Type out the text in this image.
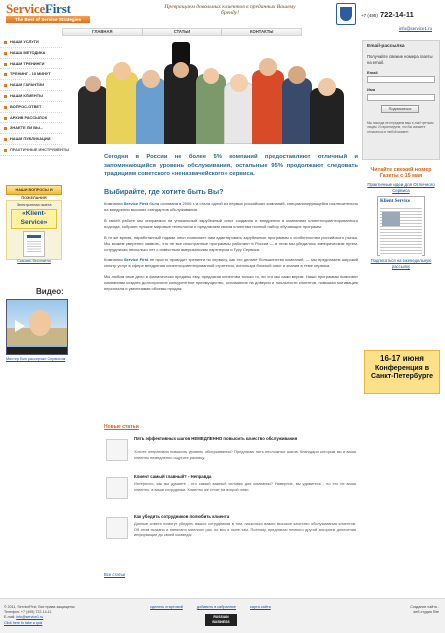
ServiceFirst
The Best of Service Strategies
Превращаем довольных клиентов в преданных Вашему бренду!	+7 (495) 722-14-11
info@service1.ru
ГЛАВНАЯ	СТАТЬИ	КОНТАКТЫ
НАШИ УСЛУГИ
НАША МЕТОДИКА
НАШИ ТРЕНИНГИ
ТРЕНИНГ - 10 МИНУТ
НАШИ ГАРАНТИИ
НАШИ КЛИЕНТЫ
ВОПРОС-ОТВЕТ
АРХИВ РАССЫЛОК
ЗНАЕТЕ ЛИ ВЫ...
НАШИ ПУБЛИКАЦИИ
ПРАКТИЧНЫЕ ИНСТРУМЕНТЫ
НАШИ ВОПРОСЫ И ПОЖЕЛАНИЯ
Электронная газета
«Klient-Service»
Скачать бесплатно
Видео:
Мистер Бин рассерчал Сервисом
Сегодня в России не более 5% компаний предоставляют отличный и запоминающийся уровень обслуживания, остальные 95% продолжают следовать традициям советского «неназвачейского» сервиса.
Выбирайте, где хотите быть Вы?
Компания Service First была основана в 2006 г. и стала одной из первых российских компаний, специализирующейся исключительно на внедрении высоких стандартов обслуживания.
В своей работе мы опираемся на уникальный зарубежный опыт создания и внедрения в компаниях клиентоориентированного подхода, собрали лучшие мировые технологии и предлагаем своим клиентам полный набор обучающих программ.
В то же время, наработанный годами опыт позволяет нам адаптировать зарубежные программы к особенностям российского рынка. Мы можем уверенно заявить, что не все иностранные программы работают в России — в этом мы убедились эмпирическим путем, сотрудничая несколько лет с известным американским партнером и Гуру Сервиса.
Компания Service First не просто проводит тренинги по сервису, как это делают большинство компаний, — мы предлагаем широкий спектр услуг в сфере внедрения клиентоориентированной стратегии, используя богатый опыт и знания в теме сервиса.
Мы любим свое дело и фанатически преданы ему, предлагая клиентам только то, во что мы сами верим. Наши программы помогают компаниям создать долгосрочное конкурентное преимущество, основанное на доверии и лояльности клиентов, повышая мотивацию персонала и увеличивая объемы продаж.
Новые статьи
Пять эффективных шагов НЕМЕДЛЕННО повысить качество обслуживания
Хотите оперативно повысить уровень обслуживания? Предлагаю пять несложных шагов, благодаря которым вы и ваши клиенты немедленно ощутите разницу.
Клиент самый главный? - Неправда
Интересно, как вы думаете - кто самый важный человек для компании? Наверное, вы удивитесь - но это не ваши клиенты, а ваши сотрудники. Клиенты же стоят на второй план.
Как убедить сотрудников полюбить клиента
Данные совета помогут убедить ваших сотрудников в том, насколько важно высокое качество обслуживания клиентов. Об этом сказано и написано миллион раз, но воз и ныне там. Поэтому, предлагаю немного другой алгоритм донесения информации до своей команды.
Все статьи
Email-рассылка
Получайте свежие номера газеты на email.
Email
Имя
Подписаться
Мы никогда не передаем ваш e-mail третьим лицам. И гарантируем, что Вы сможете отписаться в любой момент.
Читайте свежий номер Газеты с 15 мая
Практичные идеи для Отличного Сервиса
Klient Service
Подписаться на еженедельную рассылку
16-17 июня
Конференция в Санкт-Петербурге
© 2011, ServiceFirst, Все права защищены.
Телефон: +7 (495) 722-14-11
E-mail: info@service1.ru
Click here to take a quiz
сделать стартовой	добавить в избранное	карта сайта
RUSSIAN
BUSINESS
Создание сайта -
веб-студия Site
